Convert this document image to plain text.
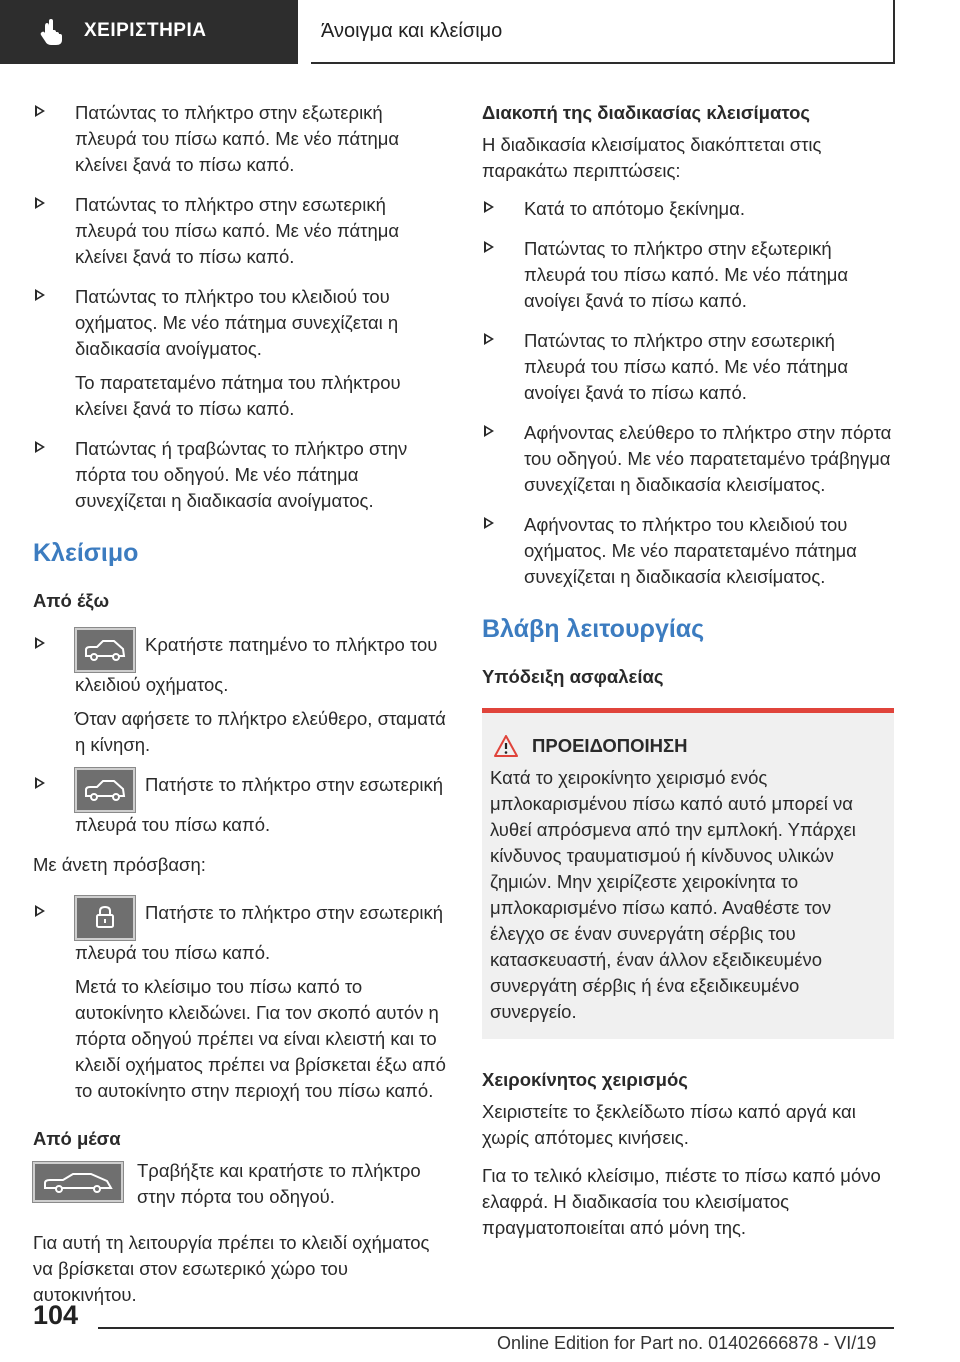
ΧΕΙΡΙΣΤΗΡΙΑ	Άνοιγμα και κλείσιμο

Πατώντας το πλήκτρο στην εξωτερική πλευρά του πίσω καπό. Με νέο πάτημα κλείνει ξανά το πίσω καπό.

Πατώντας το πλήκτρο στην εσωτερική πλευρά του πίσω καπό. Με νέο πάτημα κλείνει ξανά το πίσω καπό.

Πατώντας το πλήκτρο του κλειδιού του οχήματος. Με νέο πάτημα συνεχίζεται η διαδικασία ανοίγματος.

Το παρατεταμένο πάτημα του πλήκτρου κλείνει ξανά το πίσω καπό.

Πατώντας ή τραβώντας το πλήκτρο στην πόρτα του οδηγού. Με νέο πάτημα συνεχίζεται η διαδικασία ανοίγματος.

Κλείσιμο
Από έξω

Κρατήστε πατημένο το πλήκτρο του κλειδιού οχήματος.

Όταν αφήσετε το πλήκτρο ελεύθερο, σταματά η κίνηση.

Πατήστε το πλήκτρο στην εσωτερική πλευρά του πίσω καπό.

Με άνετη πρόσβαση:

Πατήστε το πλήκτρο στην εσωτερική πλευρά του πίσω καπό.

Μετά το κλείσιμο του πίσω καπό το αυτοκίνητο κλειδώνει. Για τον σκοπό αυτόν η πόρτα οδηγού πρέπει να είναι κλειστή και το κλειδί οχήματος πρέπει να βρίσκεται έξω από το αυτοκίνητο στην περιοχή του πίσω καπό.

Από μέσα
Τραβήξτε και κρατήστε το πλήκτρο στην πόρτα του οδηγού.

Για αυτή τη λειτουργία πρέπει το κλειδί οχήματος να βρίσκεται στον εσωτερικό χώρο του αυτοκινήτου.

Διακοπή της διαδικασίας κλεισίματος

Η διαδικασία κλεισίματος διακόπτεται στις παρακάτω περιπτώσεις:

Κατά το απότομο ξεκίνημα.

Πατώντας το πλήκτρο στην εξωτερική πλευρά του πίσω καπό. Με νέο πάτημα ανοίγει ξανά το πίσω καπό.

Πατώντας το πλήκτρο στην εσωτερική πλευρά του πίσω καπό. Με νέο πάτημα ανοίγει ξανά το πίσω καπό.

Αφήνοντας ελεύθερο το πλήκτρο στην πόρτα του οδηγού. Με νέο παρατεταμένο τράβηγμα συνεχίζεται η διαδικασία κλεισίματος.

Αφήνοντας το πλήκτρο του κλειδιού του οχήματος. Με νέο παρατεταμένο πάτημα συνεχίζεται η διαδικασία κλεισίματος.

Βλάβη λειτουργίας
Υπόδειξη ασφαλείας
ΠΡΟΕΙΔΟΠΟΙΗΣΗ

Κατά το χειροκίνητο χειρισμό ενός μπλοκαρισμένου πίσω καπό αυτό μπορεί να λυθεί απρόσμενα από την εμπλοκή. Υπάρχει κίνδυνος τραυματισμού ή κίνδυνος υλικών ζημιών. Μην χειρίζεστε χειροκίνητα το μπλοκαρισμένο πίσω καπό. Αναθέστε τον έλεγχο σε έναν συνεργάτη σέρβις του κατασκευαστή, έναν άλλον εξειδικευμένο συνεργάτη σέρβις ή ένα εξειδικευμένο συνεργείο.

Χειροκίνητος χειρισμός

Χειριστείτε το ξεκλείδωτο πίσω καπό αργά και χωρίς απότομες κινήσεις.

Για το τελικό κλείσιμο, πιέστε το πίσω καπό μόνο ελαφρά. Η διαδικασία του κλεισίματος πραγματοποιείται από μόνη της.

104
Online Edition for Part no. 01402666878 - VI/19
